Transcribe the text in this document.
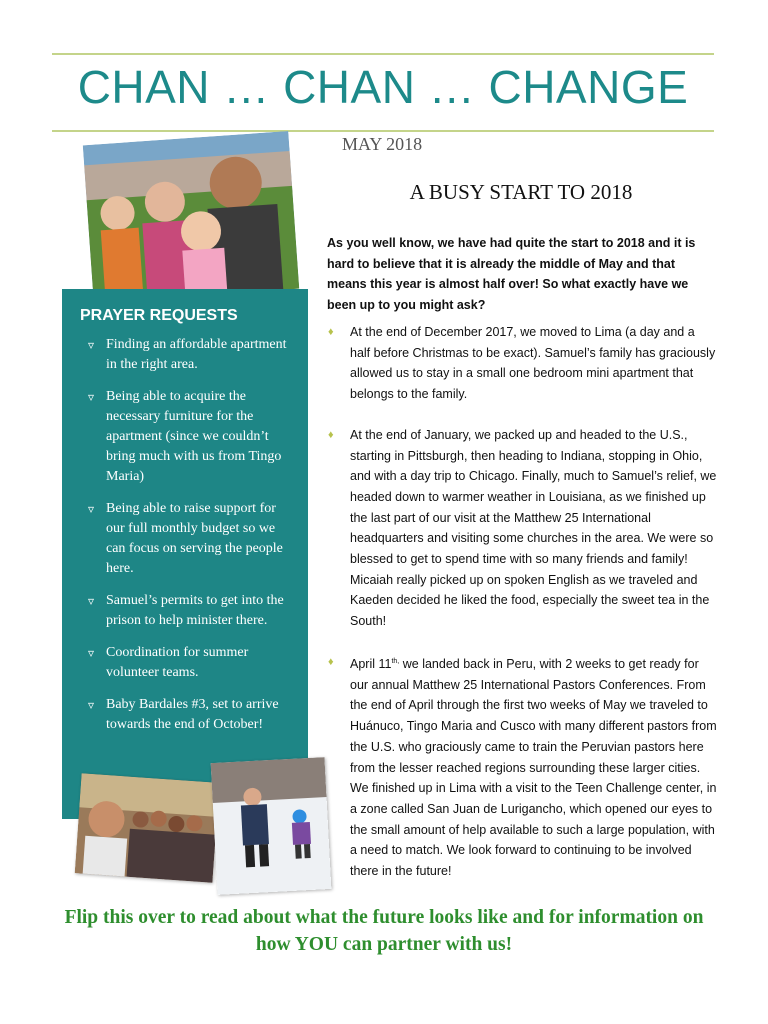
CHAN … CHAN … CHANGE
MAY 2018
A BUSY START TO 2018

As you well know, we have had quite the start to 2018 and it is hard to believe that it is already the middle of May and that means this year is almost half over! So what exactly have we been up to you might ask?

♦ At the end of December 2017, we moved to Lima (a day and a half before Christmas to be exact). Samuel’s family has graciously allowed us to stay in a small one bedroom mini apartment that belongs to the family.
♦ At the end of January, we packed up and headed to the U.S., starting in Pittsburgh, then heading to Indiana, stopping in Ohio, and with a day trip to Chicago. Finally, much to Samuel’s relief, we headed down to warmer weather in Louisiana, as we finished up the last part of our visit at the Matthew 25 International headquarters and visiting some churches in the area. We were so blessed to get to spend time with so many friends and family! Micaiah really picked up on spoken English as we traveled and Kaeden decided he liked the food, especially the sweet tea in the South!
♦ April $11^{th,}$ we landed back in Peru, with 2 weeks to get ready for our annual Matthew 25 International Pastors Conferences. From the end of April through the first two weeks of May we traveled to Huánuco, Tingo Maria and Cusco with many different pastors from the U.S. who graciously came to train the Peruvian pastors here from the lesser reached regions surrounding these larger cities. We finished up in Lima with a visit to the Teen Challenge center, in a zone called San Juan de Lurigancho, which opened our eyes to the small amount of help available to such a large population, with a need to match. We look forward to continuing to be involved there in the future!
PRAYER REQUESTS
▿ Finding an affordable apartment in the right area.
▿ Being able to acquire the necessary furniture for the apartment (since we couldn’t bring much with us from Tingo Maria)
▿ Being able to raise support for our full monthly budget so we can focus on serving the people here.
▿ Samuel’s permits to get into the prison to help minister there.
▿ Coordination for summer volunteer teams.
▿ Baby Bardales #3, set to arrive towards the end of October!

Flip this over to read about what the future looks like and for information on how YOU can partner with us!
